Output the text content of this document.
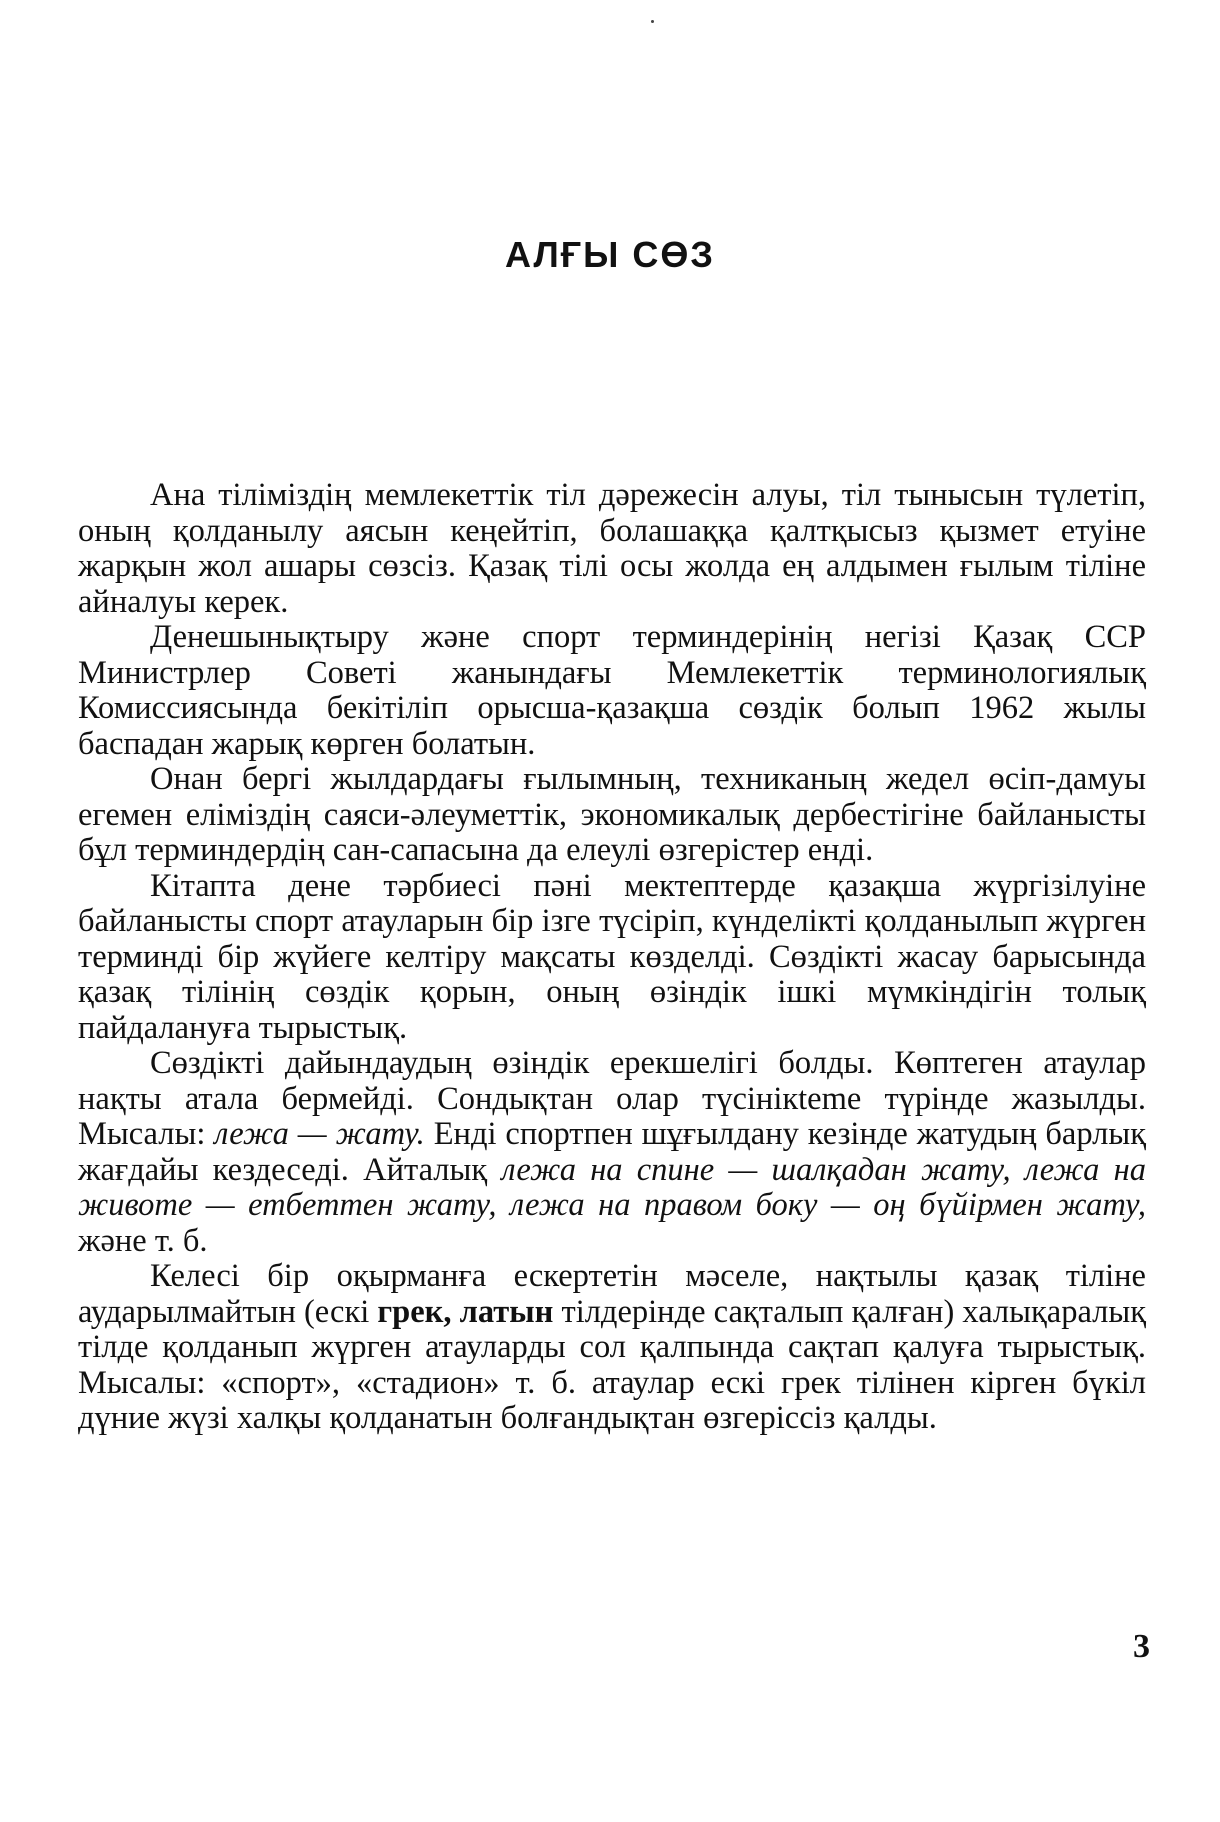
АЛҒЫ СӨЗ

Ана тіліміздің мемлекеттік тіл дәрежесін алуы, тіл тынысын түлетіп, оның қолданылу аясын кеңейтіп, болашаққа қалтқысыз қызмет етуіне жарқын жол ашары сөзсіз. Қазақ тілі осы жолда ең алдымен ғылым тіліне айналуы керек.

Денешынықтыру және спорт терминдерінің негізі Қазақ ССР Министрлер Советі жанындағы Мемлекеттік терминологиялық Комиссиясында бекітіліп орысша-қазақша сөздік болып 1962 жылы баспадан жарық көрген болатын.

Онан бергі жылдардағы ғылымның, техниканың жедел өсіп-дамуы егемен еліміздің саяси-әлеуметтік, экономикалық дербестігіне байланысты бұл терминдердің сан-сапасына да елеулі өзгерістер енді.

Кітапта дене тәрбиесі пәні мектептерде қазақша жүргізілуіне байланысты спорт атауларын бір ізге түсіріп, күнделікті қолданылып жүрген терминді бір жүйеге келтіру мақсаты көзделді. Сөздікті жасау барысында қазақ тілінің сөздік қорын, оның өзіндік ішкі мүмкіндігін толық пайдалануға тырыстық.

Сөздікті дайындаудың өзіндік ерекшелігі болды. Көптеген атаулар нақты атала бермейді. Сондықтан олар түсінікteme түрінде жазылды. Мысалы: лежа — жату. Енді спортпен шұғылдану кезінде жатудың барлық жағдайы кездеседі. Айталық лежа на спине — шалқадан жату, лежа на животе — етбеттен жату, лежа на правом боку — оң бүйірмен жату, және т. б.

Келесі бір оқырманға ескертетін мәселе, нақтылы қазақ тіліне аударылмайтын (ескі грек, латын тілдерінде сақталып қалған) халықаралық тілде қолданып жүрген атауларды сол қалпында сақтап қалуға тырыстық. Мысалы: «спорт», «стадион» т. б. атаулар ескі грек тілінен кірген бүкіл дүние жүзі халқы қолданатын болғандықтан өзгеріссіз қалды.

3
